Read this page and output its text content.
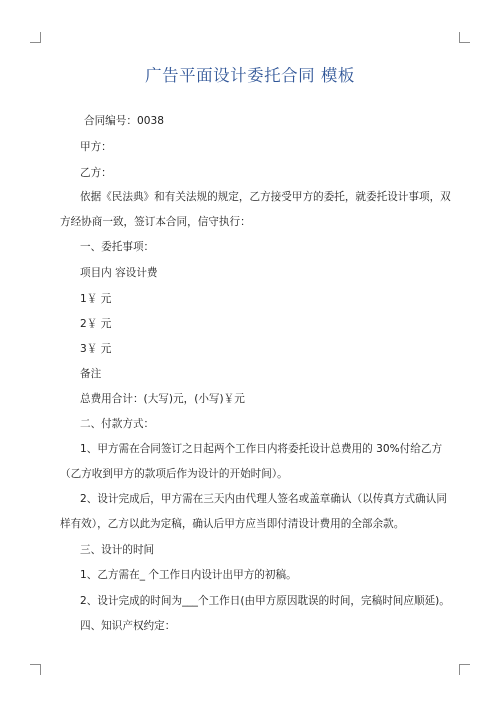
广告平面设计委托合同 模板
合同编号：0038
甲方：
乙方：
依据《民法典》和有关法规的规定，乙方接受甲方的委托，就委托设计事项，双
方经协商一致，签订本合同，信守执行：
一、委托事项：
项目内 容设计费
1￥ 元
2￥ 元
3￥ 元
备注
总费用合计：(大写)元，(小写)￥元
二、付款方式：
1、甲方需在合同签订之日起两个工作日内将委托设计总费用的 30%付给乙方
（乙方收到甲方的款项后作为设计的开始时间）。
2、设计完成后，甲方需在三天内由代理人签名或盖章确认（以传真方式确认同
样有效），乙方以此为定稿，确认后甲方应当即付清设计费用的全部余款。
三、设计的时间
1、乙方需在_ 个工作日内设计出甲方的初稿。
2、设计完成的时间为___个工作日(由甲方原因耽误的时间，完稿时间应顺延)。
四、知识产权约定：
